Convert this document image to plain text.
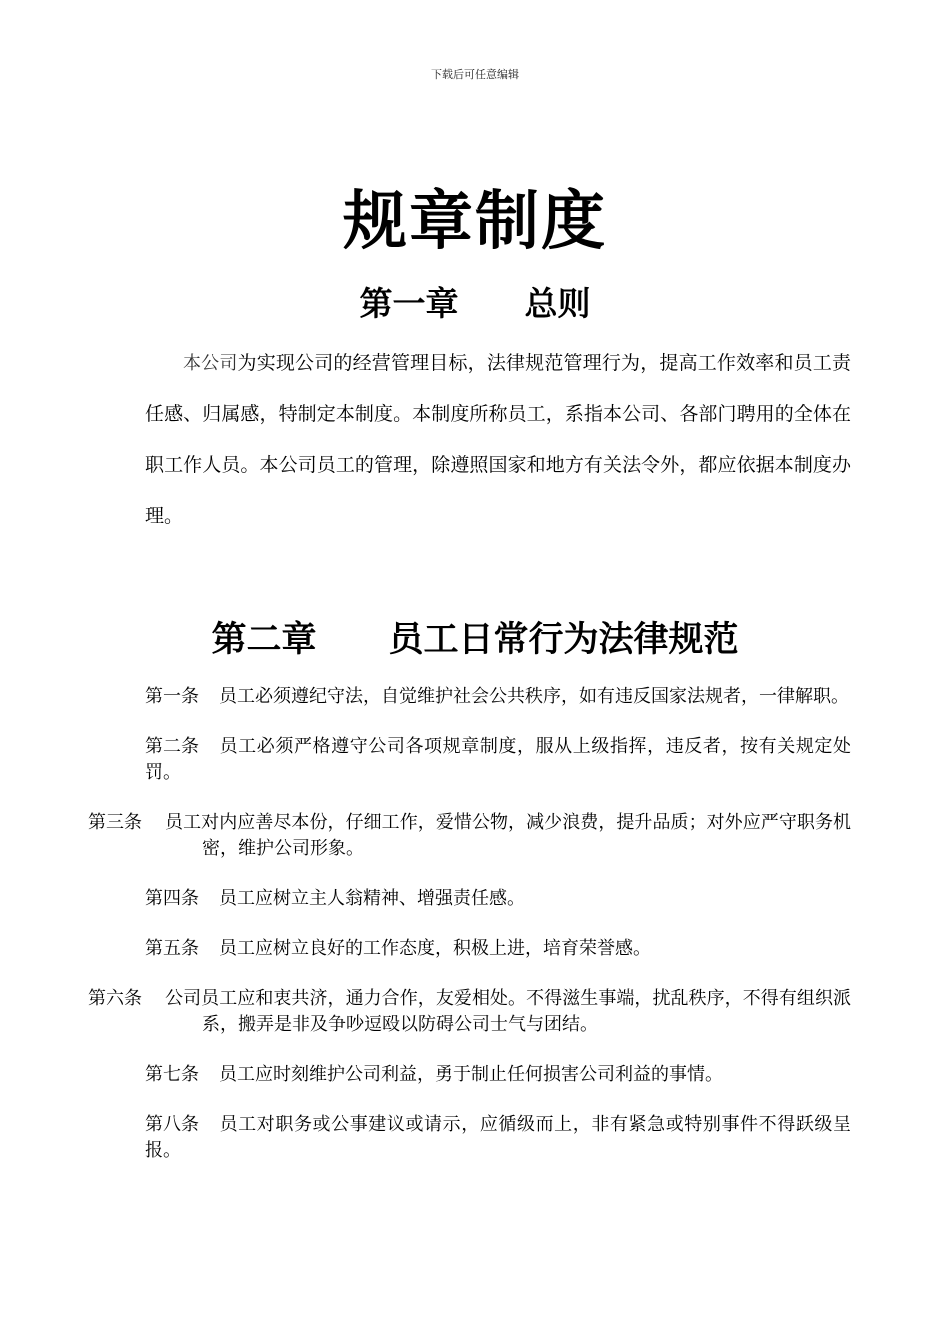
下载后可任意编辑
规章制度
第一章 总则
本公司为实现公司的经营管理目标，法律规范管理行为，提高工作效率和员工责任感、归属感，特制定本制度。本制度所称员工，系指本公司、各部门聘用的全体在职工作人员。本公司员工的管理，除遵照国家和地方有关法令外，都应依据本制度办理。
第二章 员工日常行为法律规范
第一条 员工必须遵纪守法，自觉维护社会公共秩序，如有违反国家法规者，一律解职。
第二条 员工必须严格遵守公司各项规章制度，服从上级指挥，违反者，按有关规定处罚。
第三条 员工对内应善尽本份，仔细工作，爱惜公物，减少浪费，提升品质；对外应严守职务机密，维护公司形象。
第四条 员工应树立主人翁精神、增强责任感。
第五条 员工应树立良好的工作态度，积极上进，培育荣誉感。
第六条 公司员工应和衷共济，通力合作，友爱相处。不得滋生事端，扰乱秩序，不得有组织派系，搬弄是非及争吵逗殴以防碍公司士气与团结。
第七条 员工应时刻维护公司利益，勇于制止任何损害公司利益的事情。
第八条 员工对职务或公事建议或请示，应循级而上，非有紧急或特别事件不得跃级呈报。
